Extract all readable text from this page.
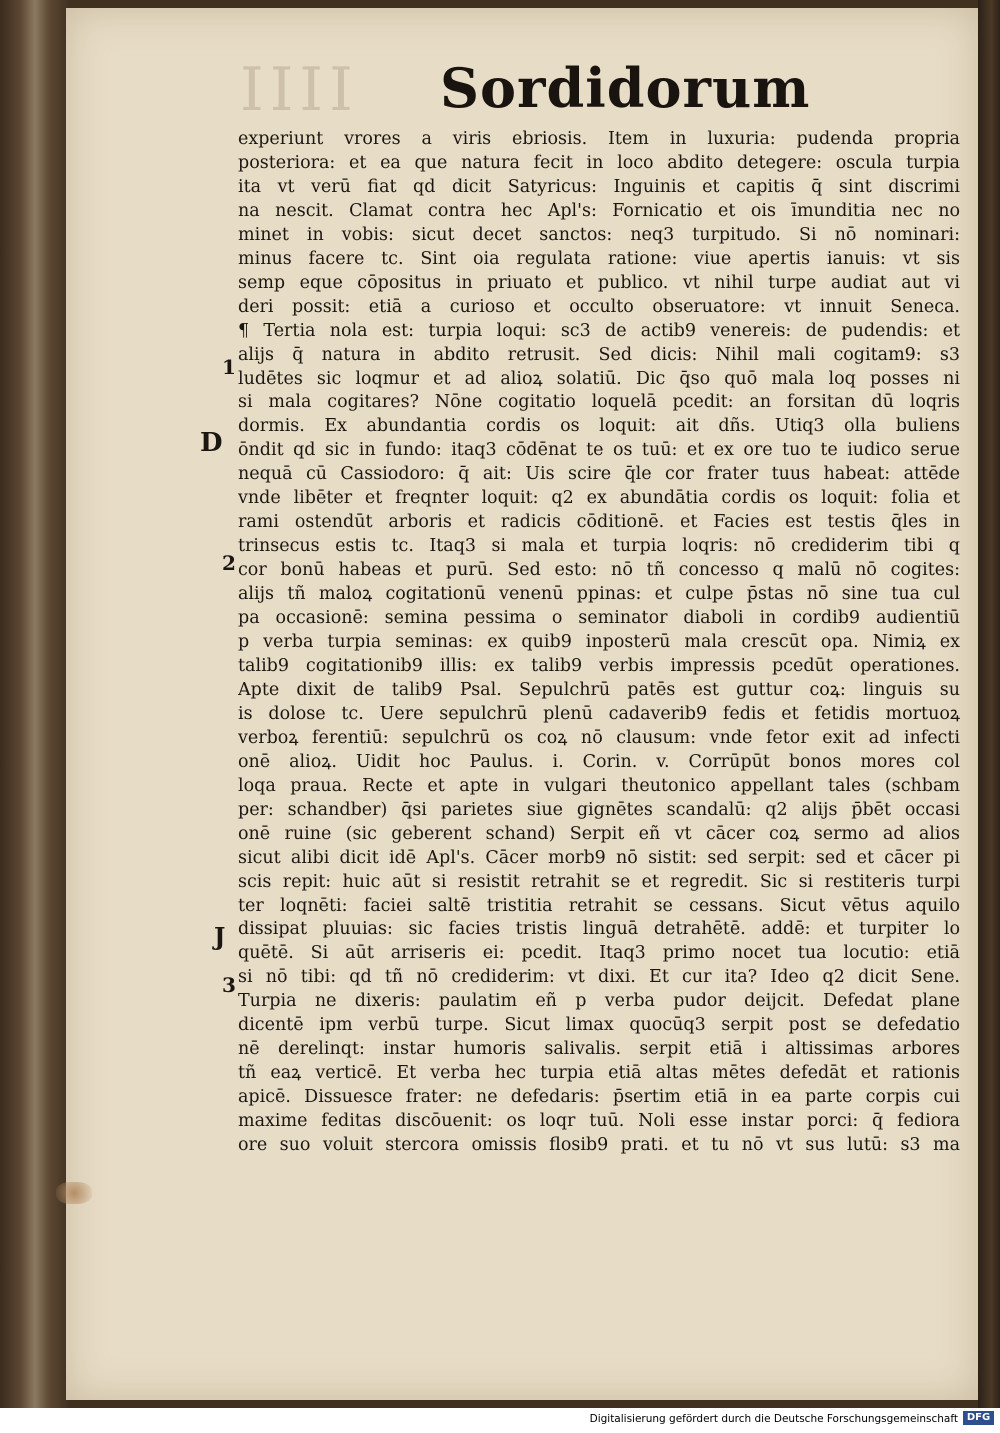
IIII	Sordidorum
1
D
2
J
3
experiunt vrores a viris ebriosis. Item in luxuria: pudenda propria
posteriora: et ea que natura fecit in loco abdito detegere: oscula turpia
ita vt verū fiat qd dicit Satyricus: Inguinis et capitis q̄ sint discrimi
na nescit. Clamat contra hec Apl's: Fornicatio et ois īmunditia nec no
minet in vobis: sicut decet sanctos: neq3 turpitudo. Si nō nominari:
minus facere tc. Sint oia regulata ratione: viue apertis ianuis: vt sis
semp eque cōpositus in priuato et publico. vt nihil turpe audiat aut vi
deri possit: etiā a curioso et occulto obseruatore: vt innuit Seneca.
¶ Tertia nola est: turpia loqui: sc3 de actib9 venereis: de pudendis: et
alijs q̄ natura in abdito retrusit. Sed dicis: Nihil mali cogitam9: s3
ludētes sic loqmur et ad alioꝝ solatiū. Dic q̄so quō mala loq posses ni
si mala cogitares? Nōne cogitatio loquelā pcedit: an forsitan dū loqris
dormis. Ex abundantia cordis os loquit: ait dñs. Utiq3 olla buliens
ōndit qd sic in fundo: itaq3 cōdēnat te os tuū: et ex ore tuo te iudico serue
nequā cū Cassiodoro: q̄ ait: Uis scire q̄le cor frater tuus habeat: attēde
vnde libēter et freqnter loquit: q2 ex abundātia cordis os loquit: folia et
rami ostendūt arboris et radicis cōditionē. et Facies est testis q̄les in
trinsecus estis tc. Itaq3 si mala et turpia loqris: nō crediderim tibi q
cor bonū habeas et purū. Sed esto: nō tñ concesso q malū nō cogites:
alijs tñ maloꝝ cogitationū venenū ppinas: et culpe p̄stas nō sine tua cul
pa occasionē: semina pessima o seminator diaboli in cordib9 audientiū
p verba turpia seminas: ex quib9 inposterū mala crescūt opa. Nimiꝝ ex
talib9 cogitationib9 illis: ex talib9 verbis impressis pcedūt operationes.
Apte dixit de talib9 Psal. Sepulchrū patēs est guttur coꝝ: linguis su
is dolose tc. Uere sepulchrū plenū cadaverib9 fedis et fetidis mortuoꝝ
verboꝝ ferentiū: sepulchrū os coꝝ nō clausum: vnde fetor exit ad infecti
onē alioꝝ. Uidit hoc Paulus. i. Corin. v. Corrūpūt bonos mores col
loqa praua. Recte et apte in vulgari theutonico appellant tales (schbam
per: schandber) q̄si parietes siue gignētes scandalū: q2 alijs p̄bēt occasi
onē ruine (sic geberent schand) Serpit eñ vt cācer coꝝ sermo ad alios
sicut alibi dicit idē Apl's. Cācer morb9 nō sistit: sed serpit: sed et cācer pi
scis repit: huic aūt si resistit retrahit se et regredit. Sic si restiteris turpi
ter loqnēti: faciei saltē tristitia retrahit se cessans. Sicut vētus aquilo
dissipat pluuias: sic facies tristis linguā detrahētē. addē: et turpiter lo
quētē. Si aūt arriseris ei: pcedit. Itaq3 primo nocet tua locutio: etiā
si nō tibi: qd tñ nō crediderim: vt dixi. Et cur ita? Ideo q2 dicit Sene.
Turpia ne dixeris: paulatim eñ p verba pudor deijcit. Defedat plane
dicentē ipm verbū turpe. Sicut limax quocūq3 serpit post se defedatio
nē derelinqt: instar humoris salivalis. serpit etiā i altissimas arbores
tñ eaꝝ verticē. Et verba hec turpia etiā altas mētes defedāt et rationis
apicē. Dissuesce frater: ne defedaris: p̄sertim etiā in ea parte corpis cui
maxime feditas discōuenit: os loqr tuū. Noli esse instar porci: q̄ fediora
ore suo voluit stercora omissis flosib9 prati. et tu nō vt sus lutū: s3 ma
Digitalisierung gefördert durch die Deutsche Forschungsgemeinschaft DFG
